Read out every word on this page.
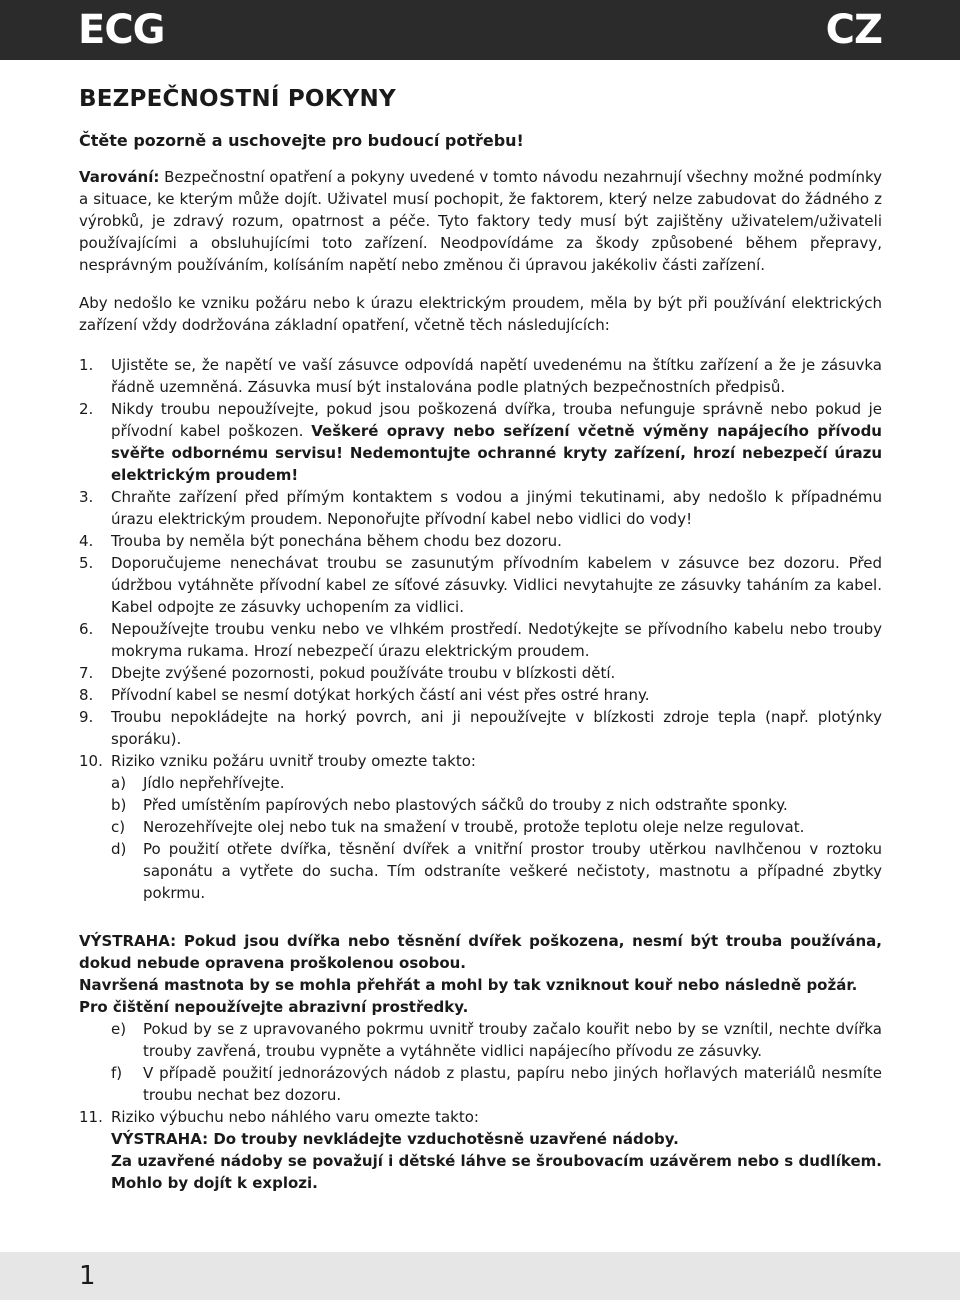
ECG	CZ
BEZPEČNOSTNÍ POKYNY
Čtěte pozorně a uschovejte pro budoucí potřebu!

Varování: Bezpečnostní opatření a pokyny uvedené v tomto návodu nezahrnují všechny možné podmínky a situace, ke kterým může dojít. Uživatel musí pochopit, že faktorem, který nelze zabudovat do žádného z výrobků, je zdravý rozum, opatrnost a péče. Tyto faktory tedy musí být zajištěny uživatelem/uživateli používajícími a obsluhujícími toto zařízení. Neodpovídáme za škody způsobené během přepravy, nesprávným používáním, kolísáním napětí nebo změnou či úpravou jakékoliv části zařízení.

Aby nedošlo ke vzniku požáru nebo k úrazu elektrickým proudem, měla by být při používání elektrických zařízení vždy dodržována základní opatření, včetně těch následujících:

1. Ujistěte se, že napětí ve vaší zásuvce odpovídá napětí uvedenému na štítku zařízení a že je zásuvka řádně uzemněná. Zásuvka musí být instalována podle platných bezpečnostních předpisů.
2. Nikdy troubu nepoužívejte, pokud jsou poškozená dvířka, trouba nefunguje správně nebo pokud je přívodní kabel poškozen. Veškeré opravy nebo seřízení včetně výměny napájecího přívodu svěřte odbornému servisu! Nedemontujte ochranné kryty zařízení, hrozí nebezpečí úrazu elektrickým proudem!
3. Chraňte zařízení před přímým kontaktem s vodou a jinými tekutinami, aby nedošlo k případnému úrazu elektrickým proudem. Neponořujte přívodní kabel nebo vidlici do vody!
4. Trouba by neměla být ponechána během chodu bez dozoru.
5. Doporučujeme nenechávat troubu se zasunutým přívodním kabelem v zásuvce bez dozoru. Před údržbou vytáhněte přívodní kabel ze síťové zásuvky. Vidlici nevytahujte ze zásuvky taháním za kabel. Kabel odpojte ze zásuvky uchopením za vidlici.
6. Nepoužívejte troubu venku nebo ve vlhkém prostředí. Nedotýkejte se přívodního kabelu nebo trouby mokryma rukama. Hrozí nebezpečí úrazu elektrickým proudem.
7. Dbejte zvýšené pozornosti, pokud používáte troubu v blízkosti dětí.
8. Přívodní kabel se nesmí dotýkat horkých částí ani vést přes ostré hrany.
9. Troubu nepokládejte na horký povrch, ani ji nepoužívejte v blízkosti zdroje tepla (např. plotýnky sporáku).
10. Riziko vzniku požáru uvnitř trouby omezte takto:
a) Jídlo nepřehřívejte.
b) Před umístěním papírových nebo plastových sáčků do trouby z nich odstraňte sponky.
c) Nerozehřívejte olej nebo tuk na smažení v troubě, protože teplotu oleje nelze regulovat.
d) Po použití otřete dvířka, těsnění dvířek a vnitřní prostor trouby utěrkou navlhčenou v roztoku saponátu a vytřete do sucha. Tím odstraníte veškeré nečistoty, mastnotu a případné zbytky pokrmu.
VÝSTRAHA: Pokud jsou dvířka nebo těsnění dvířek poškozena, nesmí být trouba používána, dokud nebude opravena proškolenou osobou.
Navršená mastnota by se mohla přehřát a mohl by tak vzniknout kouř nebo následně požár.
Pro čištění nepoužívejte abrazivní prostředky.
e) Pokud by se z upravovaného pokrmu uvnitř trouby začalo kouřit nebo by se vznítil, nechte dvířka trouby zavřená, troubu vypněte a vytáhněte vidlici napájecího přívodu ze zásuvky.
f) V případě použití jednorázových nádob z plastu, papíru nebo jiných hořlavých materiálů nesmíte troubu nechat bez dozoru.
11. Riziko výbuchu nebo náhlého varu omezte takto:
VÝSTRAHA: Do trouby nevkládejte vzduchotěsně uzavřené nádoby.
Za uzavřené nádoby se považují i dětské láhve se šroubovacím uzávěrem nebo s dudlíkem. Mohlo by dojít k explozi.
1
